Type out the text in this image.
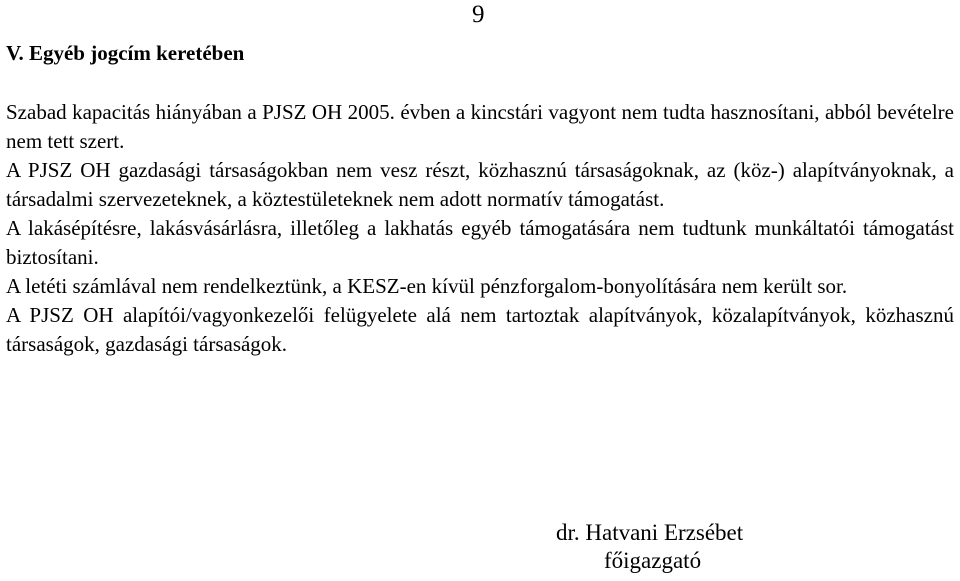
9
V. Egyéb jogcím keretében

Szabad kapacitás hiányában a PJSZ OH 2005. évben a kincstári vagyont nem tudta hasznosítani, abból bevételre nem tett szert.

A PJSZ OH gazdasági társaságokban nem vesz részt, közhasznú társaságoknak, az (köz-) alapítványoknak, a társadalmi szervezeteknek, a köztestületeknek nem adott normatív támogatást.

A lakásépítésre, lakásvásárlásra, illetőleg a lakhatás egyéb támogatására nem tudtunk munkáltatói támogatást biztosítani.

A letéti számlával nem rendelkeztünk, a KESZ-en kívül pénzforgalom-bonyolítására nem került sor.

A PJSZ OH alapítói/vagyonkezelői felügyelete alá nem tartoztak alapítványok, közalapítványok, közhasznú társaságok, gazdasági társaságok.

dr. Hatvani Erzsébet
főigazgató
